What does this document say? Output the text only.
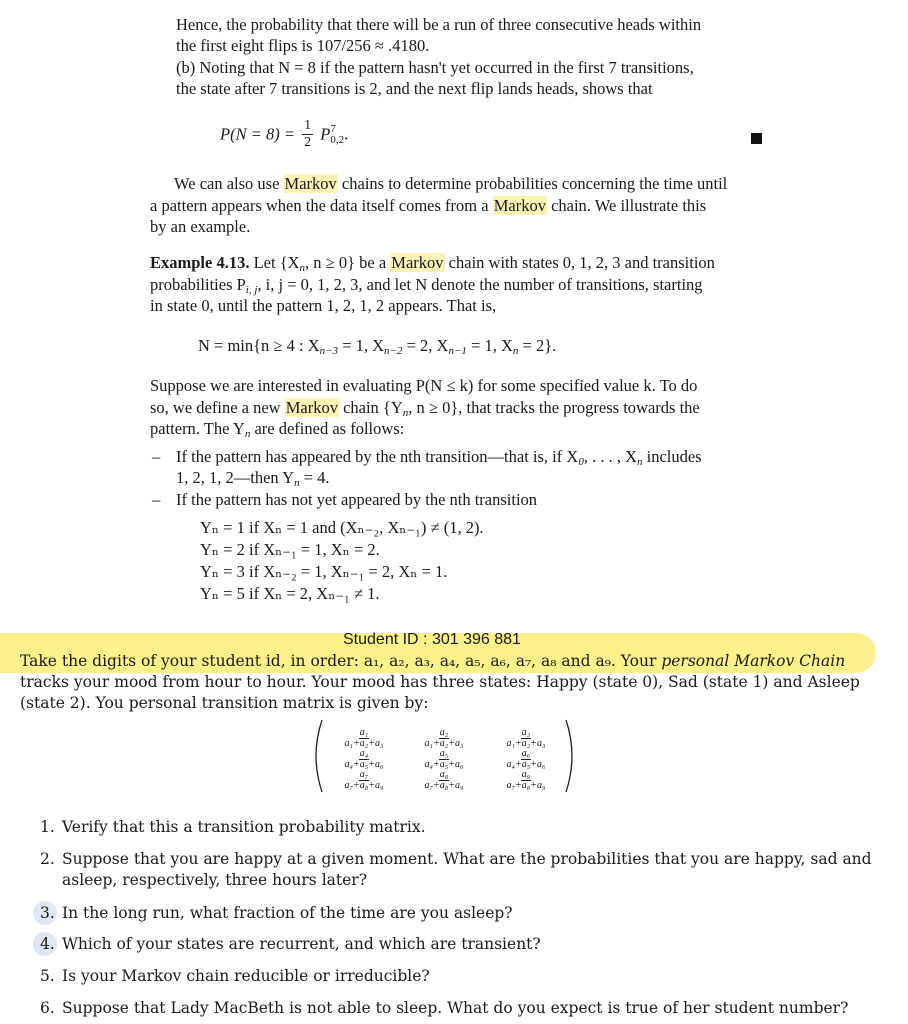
Hence, the probability that there will be a run of three consecutive heads within
the first eight flips is 107/256 ≈ .4180.
(b) Noting that N = 8 if the pattern hasn't yet occurred in the first 7 transitions,
the state after 7 transitions is 2, and the next flip lands heads, shows that
$P(N = 8) = \frac{1}{2}$ P 7
0,2 .
We can also use Markov chains to determine probabilities concerning the time until
a pattern appears when the data itself comes from a Markov chain. We illustrate this
by an example.
Example 4.13. Let {$X_n$, n ≥ 0} be a Markov chain with states 0, 1, 2, 3 and transition
probabilities $P_{i, j}$, i, j = 0, 1, 2, 3, and let N denote the number of transitions, starting
in state 0, until the pattern 1, 2, 1, 2 appears. That is,
N = min{n ≥ 4 : $X_{n-3} = 1$, $X_{n-2} = 2$, $X_{n-1} = 1$, $X_n = 2$}.
Suppose we are interested in evaluating P(N ≤ k) for some specified value k. To do
so, we define a new Markov chain {$Y_n$, n ≥ 0}, that tracks the progress towards the
pattern. The $Y_n$ are defined as follows:
– If the pattern has appeared by the nth transition—that is, if $X_0$, . . . , $X_n$ includes
1, 2, 1, 2—then $Y_n = 4$.
– If the pattern has not yet appeared by the nth transition
Yₙ = 1 if Xₙ = 1 and (Xₙ₋₂, Xₙ₋₁) ≠ (1, 2).
Yₙ = 2 if Xₙ₋₁ = 1, Xₙ = 2.
Yₙ = 3 if Xₙ₋₂ = 1, Xₙ₋₁ = 2, Xₙ = 1.
Yₙ = 5 if Xₙ = 2, Xₙ₋₁ ≠ 1.
Student ID : 301 396 881
Take the digits of your student id, in order: a₁, a₂, a₃, a₄, a₅, a₆, a₇, a₈ and a₉. Your personal Markov Chain
tracks your mood from hour to hour. Your mood has three states: Happy (state 0), Sad (state 1) and Asleep
(state 2). You personal transition matrix is given by:
$\frac{\text{a₁}}{\text{a₁+a₂+a₃}}$	$\frac{\text{a₂}}{\text{a₁+a₂+a₃}}$	$\frac{\text{a₃}}{\text{a₁+a₂+a₃}}$
$\frac{\text{a₄}}{\text{a₄+a₅+a₆}}$	$\frac{\text{a₅}}{\text{a₄+a₅+a₆}}$	$\frac{\text{a₆}}{\text{a₄+a₅+a₆}}$
$\frac{\text{a₇}}{\text{a₇+a₈+a₉}}$	$\frac{\text{a₈}}{\text{a₇+a₈+a₉}}$	$\frac{\text{a₉}}{\text{a₇+a₈+a₉}}$
1. Verify that this a transition probability matrix.
2. Suppose that you are happy at a given moment. What are the probabilities that you are happy, sad and
asleep, respectively, three hours later?
3. In the long run, what fraction of the time are you asleep?
4. Which of your states are recurrent, and which are transient?
5. Is your Markov chain reducible or irreducible?
6. Suppose that Lady MacBeth is not able to sleep. What do you expect is true of her student number?
